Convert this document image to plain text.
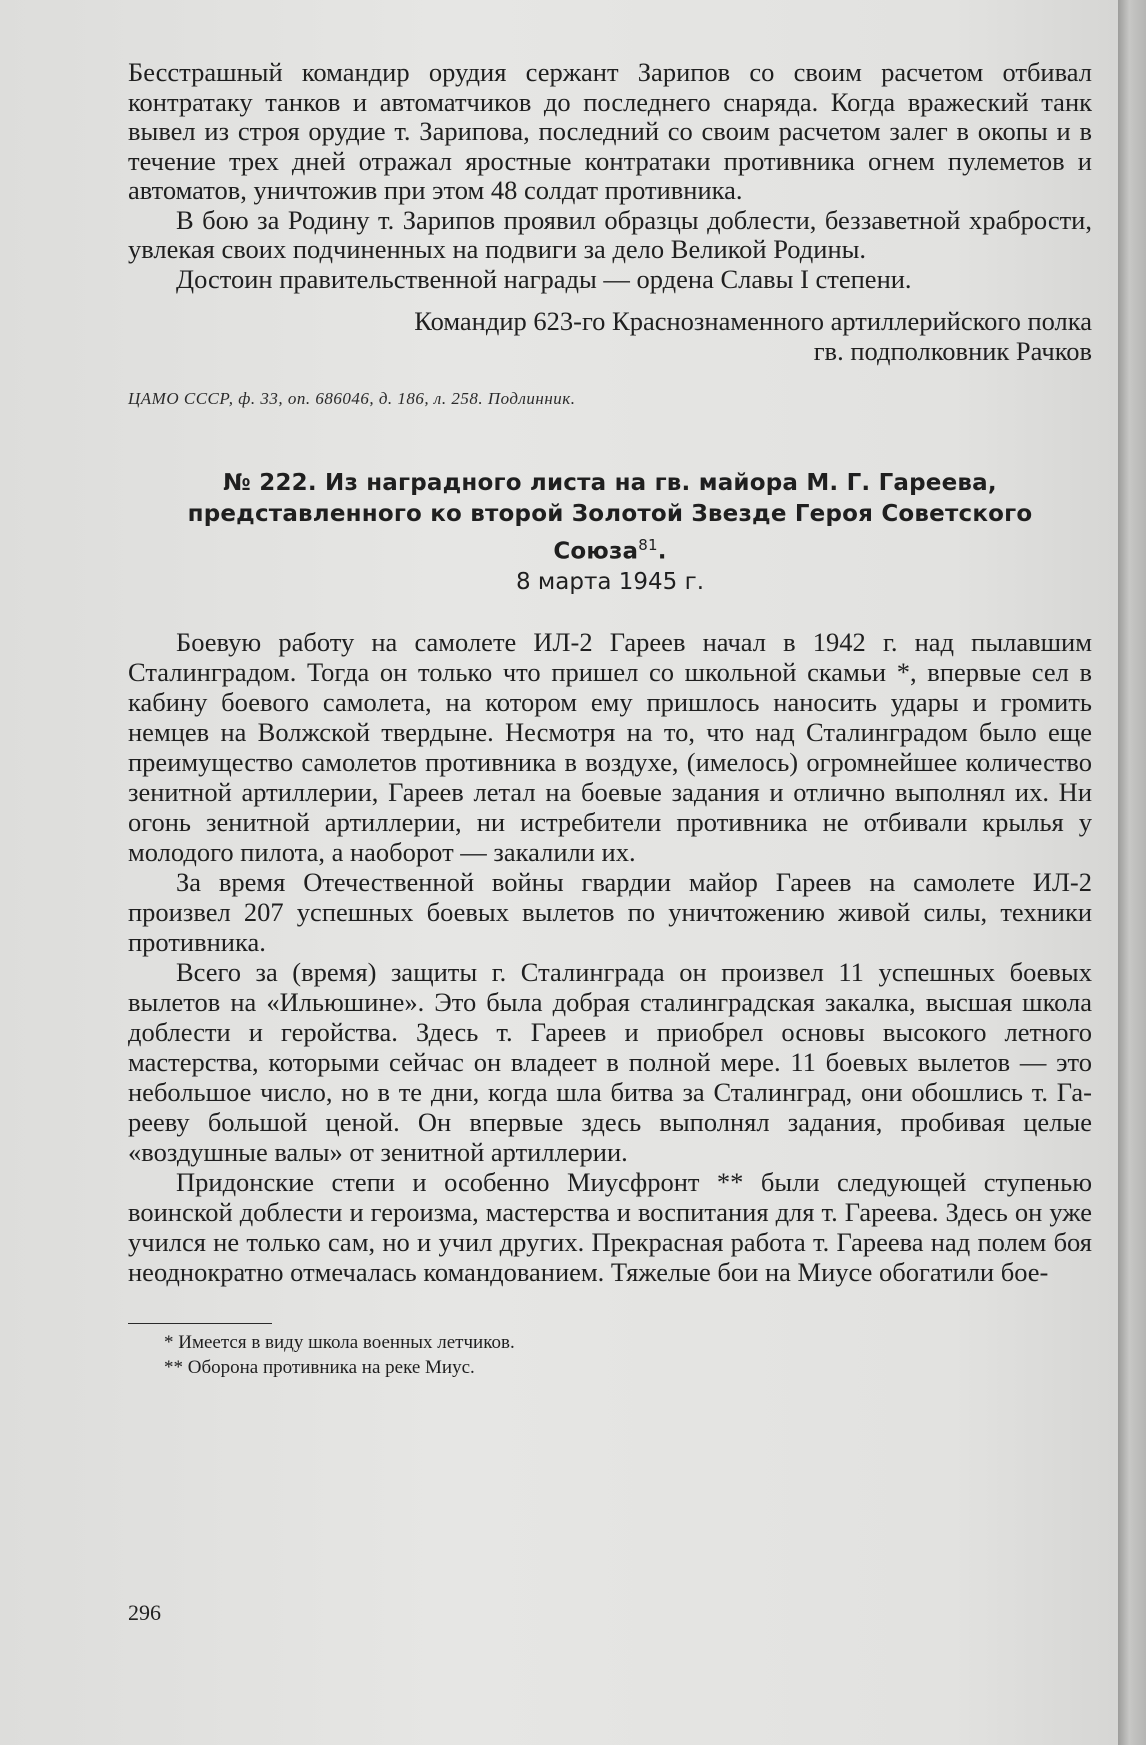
Бесстрашный командир орудия сержант Зарипов со своим расчетом отбивал контратаку танков и автоматчиков до последнего снаряда. Когда вражеский танк вывел из строя орудие т. Зарипова, последний со своим расчетом залег в окопы и в течение трех дней отражал яростные контратаки противника огнем пулеметов и автоматов, уничтожив при этом 48 солдат противника.

В бою за Родину т. Зарипов проявил образцы доблести, беззаветной храбрости, увлекая своих подчиненных на подвиги за дело Великой Родины.

Достоин правительственной награды — ордена Славы I степени.

Командир 623-го Краснознаменного артиллерийского полка
гв. подполковник Рачков
ЦАМО СССР, ф. 33, оп. 686046, д. 186, л. 258. Подлинник.
№ 222. Из наградного листа на гв. майора М. Г. Гареева, представленного ко второй Золотой Звезде Героя Советского Союза$^{81}$.
8 марта 1945 г.

Боевую работу на самолете ИЛ-2 Гареев начал в 1942 г. над пылавшим Сталинградом. Тогда он только что пришел со школьной скамьи *, впервые сел в кабину боевого самолета, на котором ему пришлось наносить удары и громить немцев на Волжской твердыне. Несмотря на то, что над Сталинградом было еще преимущество самолетов противника в воздухе, (имелось) огромнейшее количество зенитной артиллерии, Гареев летал на боевые задания и отлично выполнял их. Ни огонь зенитной артиллерии, ни истребители противника не отбивали крылья у молодого пилота, а наоборот — закалили их.

За время Отечественной войны гвардии майор Гареев на самолете ИЛ-2 произвел 207 успешных боевых вылетов по уничтожению живой силы, техники противника.

Всего за (время) защиты г. Сталинграда он произвел 11 успешных боевых вылетов на «Ильюшине». Это была добрая сталинградская закалка, высшая школа доблести и геройства. Здесь т. Гареев и приобрел основы высокого летного мастерства, которыми сейчас он владеет в полной мере. 11 боевых вылетов — это небольшое число, но в те дни, когда шла битва за Сталинград, они обошлись т. Гарееву большой ценой. Он впервые здесь выполнял задания, пробивая целые «воздушные валы» от зенитной артиллерии.

Придонские степи и особенно Миусфронт ** были следующей ступенью воинской доблести и героизма, мастерства и воспитания для т. Гареева. Здесь он уже учился не только сам, но и учил других. Прекрасная работа т. Гареева над полем боя неоднократно отмечалась командованием. Тяжелые бои на Миусе обогатили бое-

* Имеется в виду школа военных летчиков.
** Оборона противника на реке Миус.
296
